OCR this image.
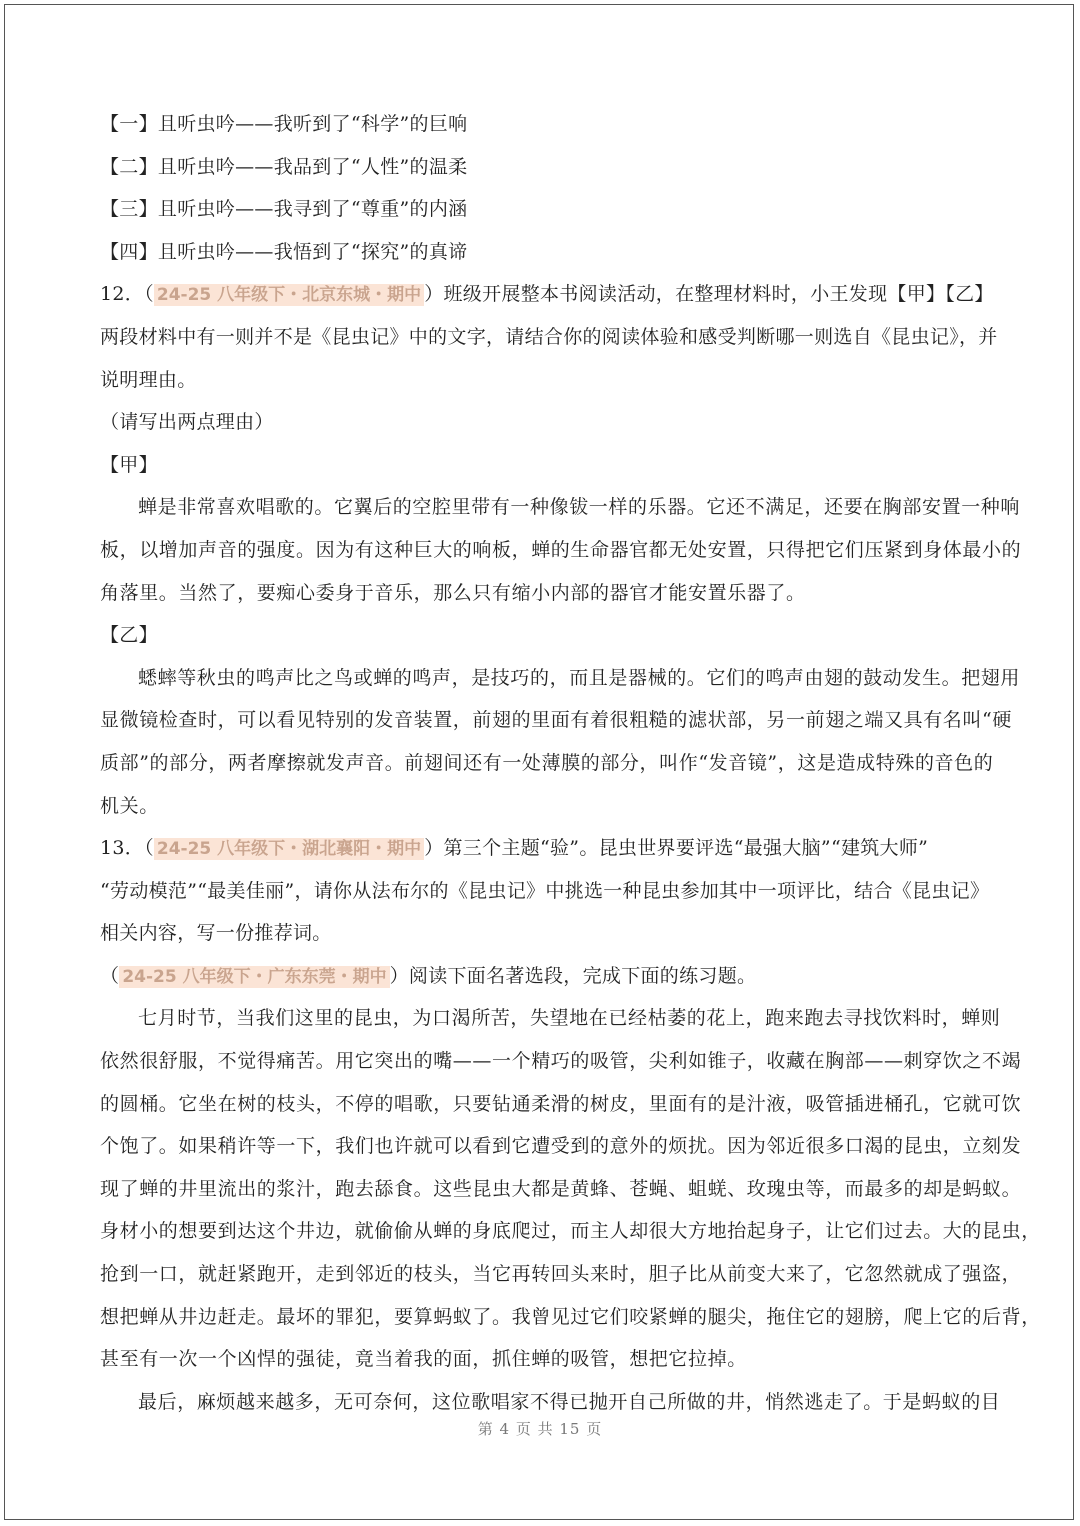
【一】且听虫吟——我听到了“科学”的巨响

【二】且听虫吟——我品到了“人性”的温柔

【三】且听虫吟——我寻到了“尊重”的内涵

【四】且听虫吟——我悟到了“探究”的真谛

12．（ 24-25 八年级下・北京东城・期中 ）班级开展整本书阅读活动，在整理材料时，小王发现【甲】【乙】

两段材料中有一则并不是《昆虫记》中的文字，请结合你的阅读体验和感受判断哪一则选自《昆虫记》，并

说明理由。

（请写出两点理由）

【甲】

蝉是非常喜欢唱歌的。它翼后的空腔里带有一种像钹一样的乐器。它还不满足，还要在胸部安置一种响

板，以增加声音的强度。因为有这种巨大的响板，蝉的生命器官都无处安置，只得把它们压紧到身体最小的

角落里。当然了，要痴心委身于音乐，那么只有缩小内部的器官才能安置乐器了。

【乙】

蟋蟀等秋虫的鸣声比之鸟或蝉的鸣声，是技巧的，而且是器械的。它们的鸣声由翅的鼓动发生。把翅用

显微镜检查时，可以看见特别的发音装置，前翅的里面有着很粗糙的滤状部，另一前翅之端又具有名叫“硬

质部”的部分，两者摩擦就发声音。前翅间还有一处薄膜的部分，叫作“发音镜”，这是造成特殊的音色的

机关。

13．（ 24-25 八年级下・湖北襄阳・期中 ）第三个主题“验”。昆虫世界要评选“最强大脑”“建筑大师”

“劳动模范”“最美佳丽”，请你从法布尔的《昆虫记》中挑选一种昆虫参加其中一项评比，结合《昆虫记》

相关内容，写一份推荐词。

（ 24-25 八年级下・广东东莞・期中 ）阅读下面名著选段，完成下面的练习题。

七月时节，当我们这里的昆虫，为口渴所苦，失望地在已经枯萎的花上，跑来跑去寻找饮料时，蝉则

依然很舒服，不觉得痛苦。用它突出的嘴——一个精巧的吸管，尖利如锥子，收藏在胸部——刺穿饮之不竭

的圆桶。它坐在树的枝头，不停的唱歌，只要钻通柔滑的树皮，里面有的是汁液，吸管插进桶孔，它就可饮

个饱了。如果稍许等一下，我们也许就可以看到它遭受到的意外的烦扰。因为邻近很多口渴的昆虫，立刻发

现了蝉的井里流出的浆汁，跑去舔食。这些昆虫大都是黄蜂、苍蝇、蛆蜣、玫瑰虫等，而最多的却是蚂蚁。

身材小的想要到达这个井边，就偷偷从蝉的身底爬过，而主人却很大方地抬起身子，让它们过去。大的昆虫，

抢到一口，就赶紧跑开，走到邻近的枝头，当它再转回头来时，胆子比从前变大来了，它忽然就成了强盗，

想把蝉从井边赶走。最坏的罪犯，要算蚂蚁了。我曾见过它们咬紧蝉的腿尖，拖住它的翅膀，爬上它的后背，

甚至有一次一个凶悍的强徒，竟当着我的面，抓住蝉的吸管，想把它拉掉。

最后，麻烦越来越多，无可奈何，这位歌唱家不得已抛开自己所做的井，悄然逃走了。于是蚂蚁的目

第 4 页 共 15 页
